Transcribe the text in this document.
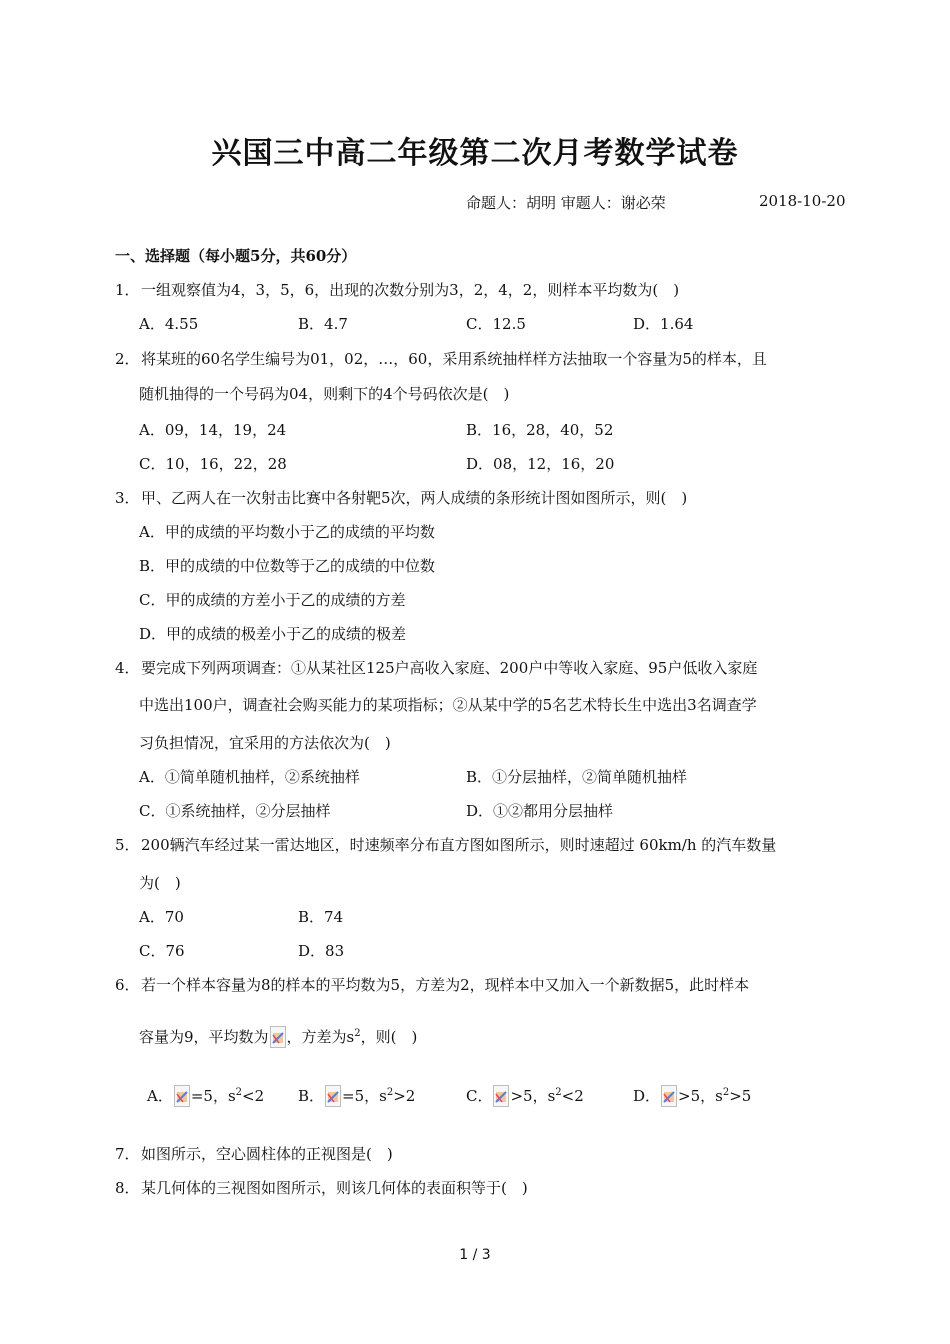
兴国三中高二年级第二次月考数学试卷
命题人：胡明 审题人：谢必荣	2018-10-20
一、选择题（每小题5分，共60分）
1．一组观察值为4，3，5，6，出现的次数分别为3，2，4，2，则样本平均数为(　)
A．4.55	B．4.7	C．12.5	D．1.64
2．将某班的60名学生编号为01，02，…，60，采用系统抽样样方法抽取一个容量为5的样本，且
随机抽得的一个号码为04，则剩下的4个号码依次是(　)
A．09，14，19，24	B．16，28，40，52
C．10，16，22，28	D．08，12，16，20
3．甲、乙两人在一次射击比赛中各射靶5次，两人成绩的条形统计图如图所示，则(　)
A．甲的成绩的平均数小于乙的成绩的平均数
B．甲的成绩的中位数等于乙的成绩的中位数
C．甲的成绩的方差小于乙的成绩的方差
D．甲的成绩的极差小于乙的成绩的极差
4．要完成下列两项调查：①从某社区125户高收入家庭、200户中等收入家庭、95户低收入家庭
中选出100户，调查社会购买能力的某项指标；②从某中学的5名艺术特长生中选出3名调查学
习负担情况，宜采用的方法依次为(　)
A．①简单随机抽样，②系统抽样	B．①分层抽样，②简单随机抽样
C．①系统抽样，②分层抽样	D．①②都用分层抽样
5．200辆汽车经过某一雷达地区，时速频率分布直方图如图所示，则时速超过 60km/h 的汽车数量
为(　)
A．70	B．74
C．76	D．83
6．若一个样本容量为8的样本的平均数为5，方差为2，现样本中又加入一个新数据5，此时样本
容量为9，平均数为 ，方差为$s^2$，则(　)
A． =5，$s^2<2$ B． =5，$s^2>2$	C． >5，$s^2<2$	D． >5，$s^2>5$
7．如图所示，空心圆柱体的正视图是(　)
8．某几何体的三视图如图所示，则该几何体的表面积等于(　)
1 / 3
